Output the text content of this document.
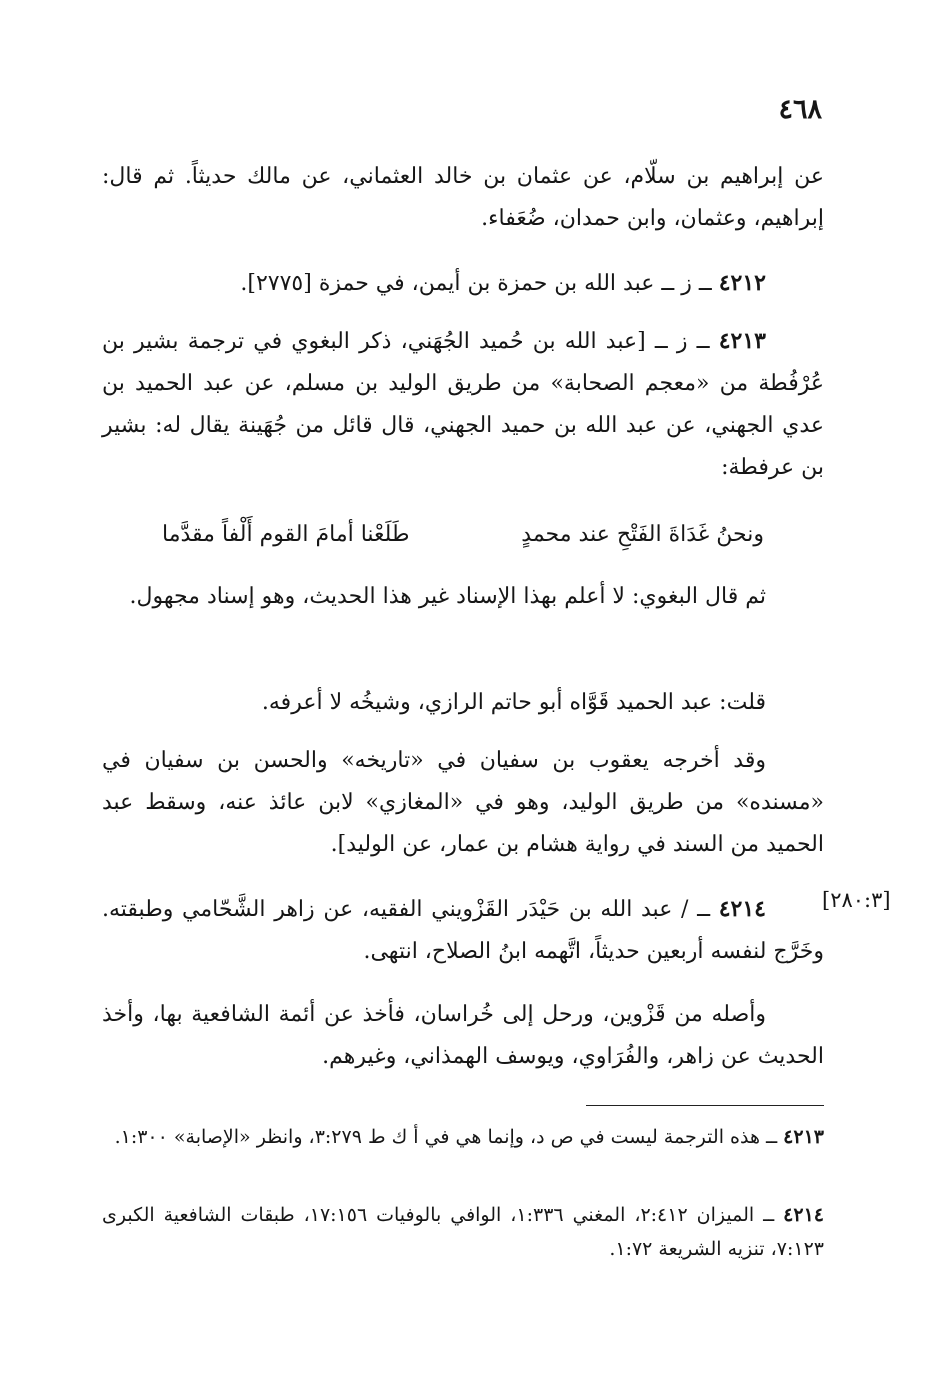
٤٦٨

عن إبراهيم بن سلّام، عن عثمان بن خالد العثماني، عن مالك حديثاً. ثم قال: إبراهيم، وعثمان، وابن حمدان، ضُعَفاء.

٤٢١٢ ــ ز ــ عبد الله بن حمزة بن أيمن، في حمزة [٢٧٧٥].

٤٢١٣ ــ ز ــ [عبد الله بن حُميد الجُهَني، ذكر البغوي في ترجمة بشير بن عُرْفُطة من «معجم الصحابة» من طريق الوليد بن مسلم، عن عبد الحميد بن عدي الجهني، عن عبد الله بن حميد الجهني، قال قائل من جُهَينة يقال له: بشير بن عرفطة:

ونحنُ غَدَاةَ الفَتْحِ عند محمدٍ
طَلَعْنا أمامَ القوم أَلْفاً مقدَّما

ثم قال البغوي: لا أعلم بهذا الإسناد غير هذا الحديث، وهو إسناد مجهول.

قلت: عبد الحميد قَوَّاه أبو حاتم الرازي، وشيخُه لا أعرفه.

وقد أخرجه يعقوب بن سفيان في «تاريخه» والحسن بن سفيان في «مسنده» من طريق الوليد، وهو في «المغازي» لابن عائذ عنه، وسقط عبد الحميد من السند في رواية هشام بن عمار، عن الوليد].

[٢٨٠:٣]

٤٢١٤ ــ / عبد الله بن حَيْدَر القَزْويني الفقيه، عن زاهر الشَّحّامي وطبقته. وخَرَّج لنفسه أربعين حديثاً، اتَّهمه ابنُ الصلاح، انتهى.

وأصله من قَزْوين، ورحل إلى خُراسان، فأخذ عن أئمة الشافعية بها، وأخذ الحديث عن زاهر، والفُرَاوي، ويوسف الهمذاني، وغيرهم.

٤٢١٣ ــ هذه الترجمة ليست في ص د، وإنما هي في أ ك ط ٣:٢٧٩، وانظر «الإصابة» ١:٣٠٠.

٤٢١٤ ــ الميزان ٢:٤١٢، المغني ١:٣٣٦، الوافي بالوفيات ١٧:١٥٦، طبقات الشافعية الكبرى ٧:١٢٣، تنزيه الشريعة ١:٧٢.
